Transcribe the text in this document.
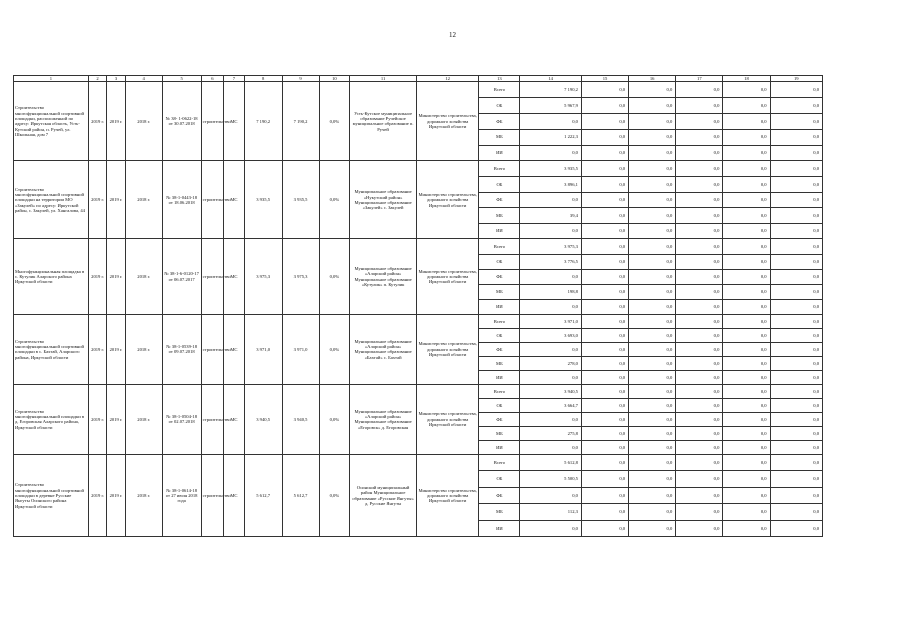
12
1	2	3	4	5	6	7	8	9	10	11	12	13	14	15	16	17	18	19
Строительство многофункциональной спортивной площадки, расположенной по адресу: Иркутская область, Усть-Кутский район, п. Ручей, ул. Школьная, дом 7	2019 г.	2019 г.	2018 г.	№ 38- 1-0622-18 от 30.07.2018	строительство	МС	7 190,2	7 190,2	0,0%	Усть-Кутское муниципальное образование Ручейское муниципальное образование п. Ручей	Министерство строительства, дорожного хозяйства Иркутской области	Всего	7 190,2	0,0	0,0	0,0	0,0	0,0
												ОБ	5 967,9	0,0	0,0	0,0	0,0	0,0
												ФБ	0,0	0,0	0,0	0,0	0,0	0,0
												МБ	1 222,3	0,0	0,0	0,0	0,0	0,0
												ИИ	0,0	0,0	0,0	0,0	0,0	0,0
Строительство многофункциональной спортивной площадки на территории МО «Закулей» по адресу: Иркутской район, с. Закулей, ул. Хангалова, 44	2019 г.	2019 г.	2018 г.	№ 38-1-0443-18 от 18.06.2018	строительство	МС	3 935,5	3 935,5	0,0%	Муниципальное образование «Нукутский район» Муниципальное образование «Закулей» с. Закулей	Министерство строительства, дорожного хозяйства Иркутской области	Всего	3 935,5	0,0	0,0	0,0	0,0	0,0
												ОБ	3 896,1	0,0	0,0	0,0	0,0	0,0
												ФБ	0,0	0,0	0,0	0,0	0,0	0,0
												МБ	39,4	0,0	0,0	0,0	0,0	0,0
												ИИ	0,0	0,0	0,0	0,0	0,0	0,0
Многофункциональная площадка в с. Кутулик Аларского района Иркутской области	2019 г.	2019 г.	2018 г.	№ 38-1-6-0120-17 от 06.07.2017	строительство	МС	3 975,3	3 975,3	0,0%	Муниципальное образование «Аларский район» Муниципальное образование «Кутулик» п. Кутулик	Министерство строительства, дорожного хозяйства Иркутской области	Всего	3 975,3	0,0	0,0	0,0	0,0	0,0
												ОБ	3 776,5	0,0	0,0	0,0	0,0	0,0
												ФБ	0,0	0,0	0,0	0,0	0,0	0,0
												МБ	198,8	0,0	0,0	0,0	0,0	0,0
												ИИ	0,0	0,0	0,0	0,0	0,0	0,0
Строительство многофункциональной спортивной площадки в с. Бахтай, Аларского района, Иркутской области	2019 г.	2019 г.	2018 г.	№ 38-1-0539-18 от 09.07.2018	строительство	МС	3 971,0	3 971,0	0,0%	Муниципальное образование «Аларский район» Муниципальное образование «Бахтай» с. Бахтай	Министерство строительства, дорожного хозяйства Иркутской области	Всего	3 971,0	0,0	0,0	0,0	0,0	0,0
												ОБ	3 693,0	0,0	0,0	0,0	0,0	0,0
												ФБ	0,0	0,0	0,0	0,0	0,0	0,0
												МБ	278,0	0,0	0,0	0,0	0,0	0,0
												ИИ	0,0	0,0	0,0	0,0	0,0	0,0
Строительство многофункциональной площадки в д. Егоровская Аларского района, Иркутской области	2019 г.	2019 г.	2018 г.	№ 38-1-0504-18 от 02.07.2018	строительство	МС	3 940,5	3 940,5	0,0%	Муниципальное образование «Аларский район» Муниципальное образование «Егоровск» д. Егоровская	Министерство строительства, дорожного хозяйства Иркутской области	Всего	3 940,5	0,0	0,0	0,0	0,0	0,0
												ОБ	3 664,7	0,0	0,0	0,0	0,0	0,0
												ФБ	0,0	0,0	0,0	0,0	0,0	0,0
												МБ	275,8	0,0	0,0	0,0	0,0	0,0
												ИИ	0,0	0,0	0,0	0,0	0,0	0,0
Строительство многофункциональной спортивной площадки в деревне Русские Янгуты Осинского района Иркутской области	2019 г.	2019 г.	2018 г.	№ 38-1-0614-18 от 27 июля 2018 года	строительство	МС	5 612,7	5 612,7	0,0%	Осинский муниципальный район Муниципальное образование «Русские Янгуты» д. Русские Янгуты	Министерство строительства, дорожного хозяйства Иркутской области	Всего	5 612,8	0,0	0,0	0,0	0,0	0,0
												ОБ	5 500,5	0,0	0,0	0,0	0,0	0,0
												ФБ	0,0	0,0	0,0	0,0	0,0	0,0
												МБ	112,3	0,0	0,0	0,0	0,0	0,0
												ИИ	0,0	0,0	0,0	0,0	0,0	0,0
